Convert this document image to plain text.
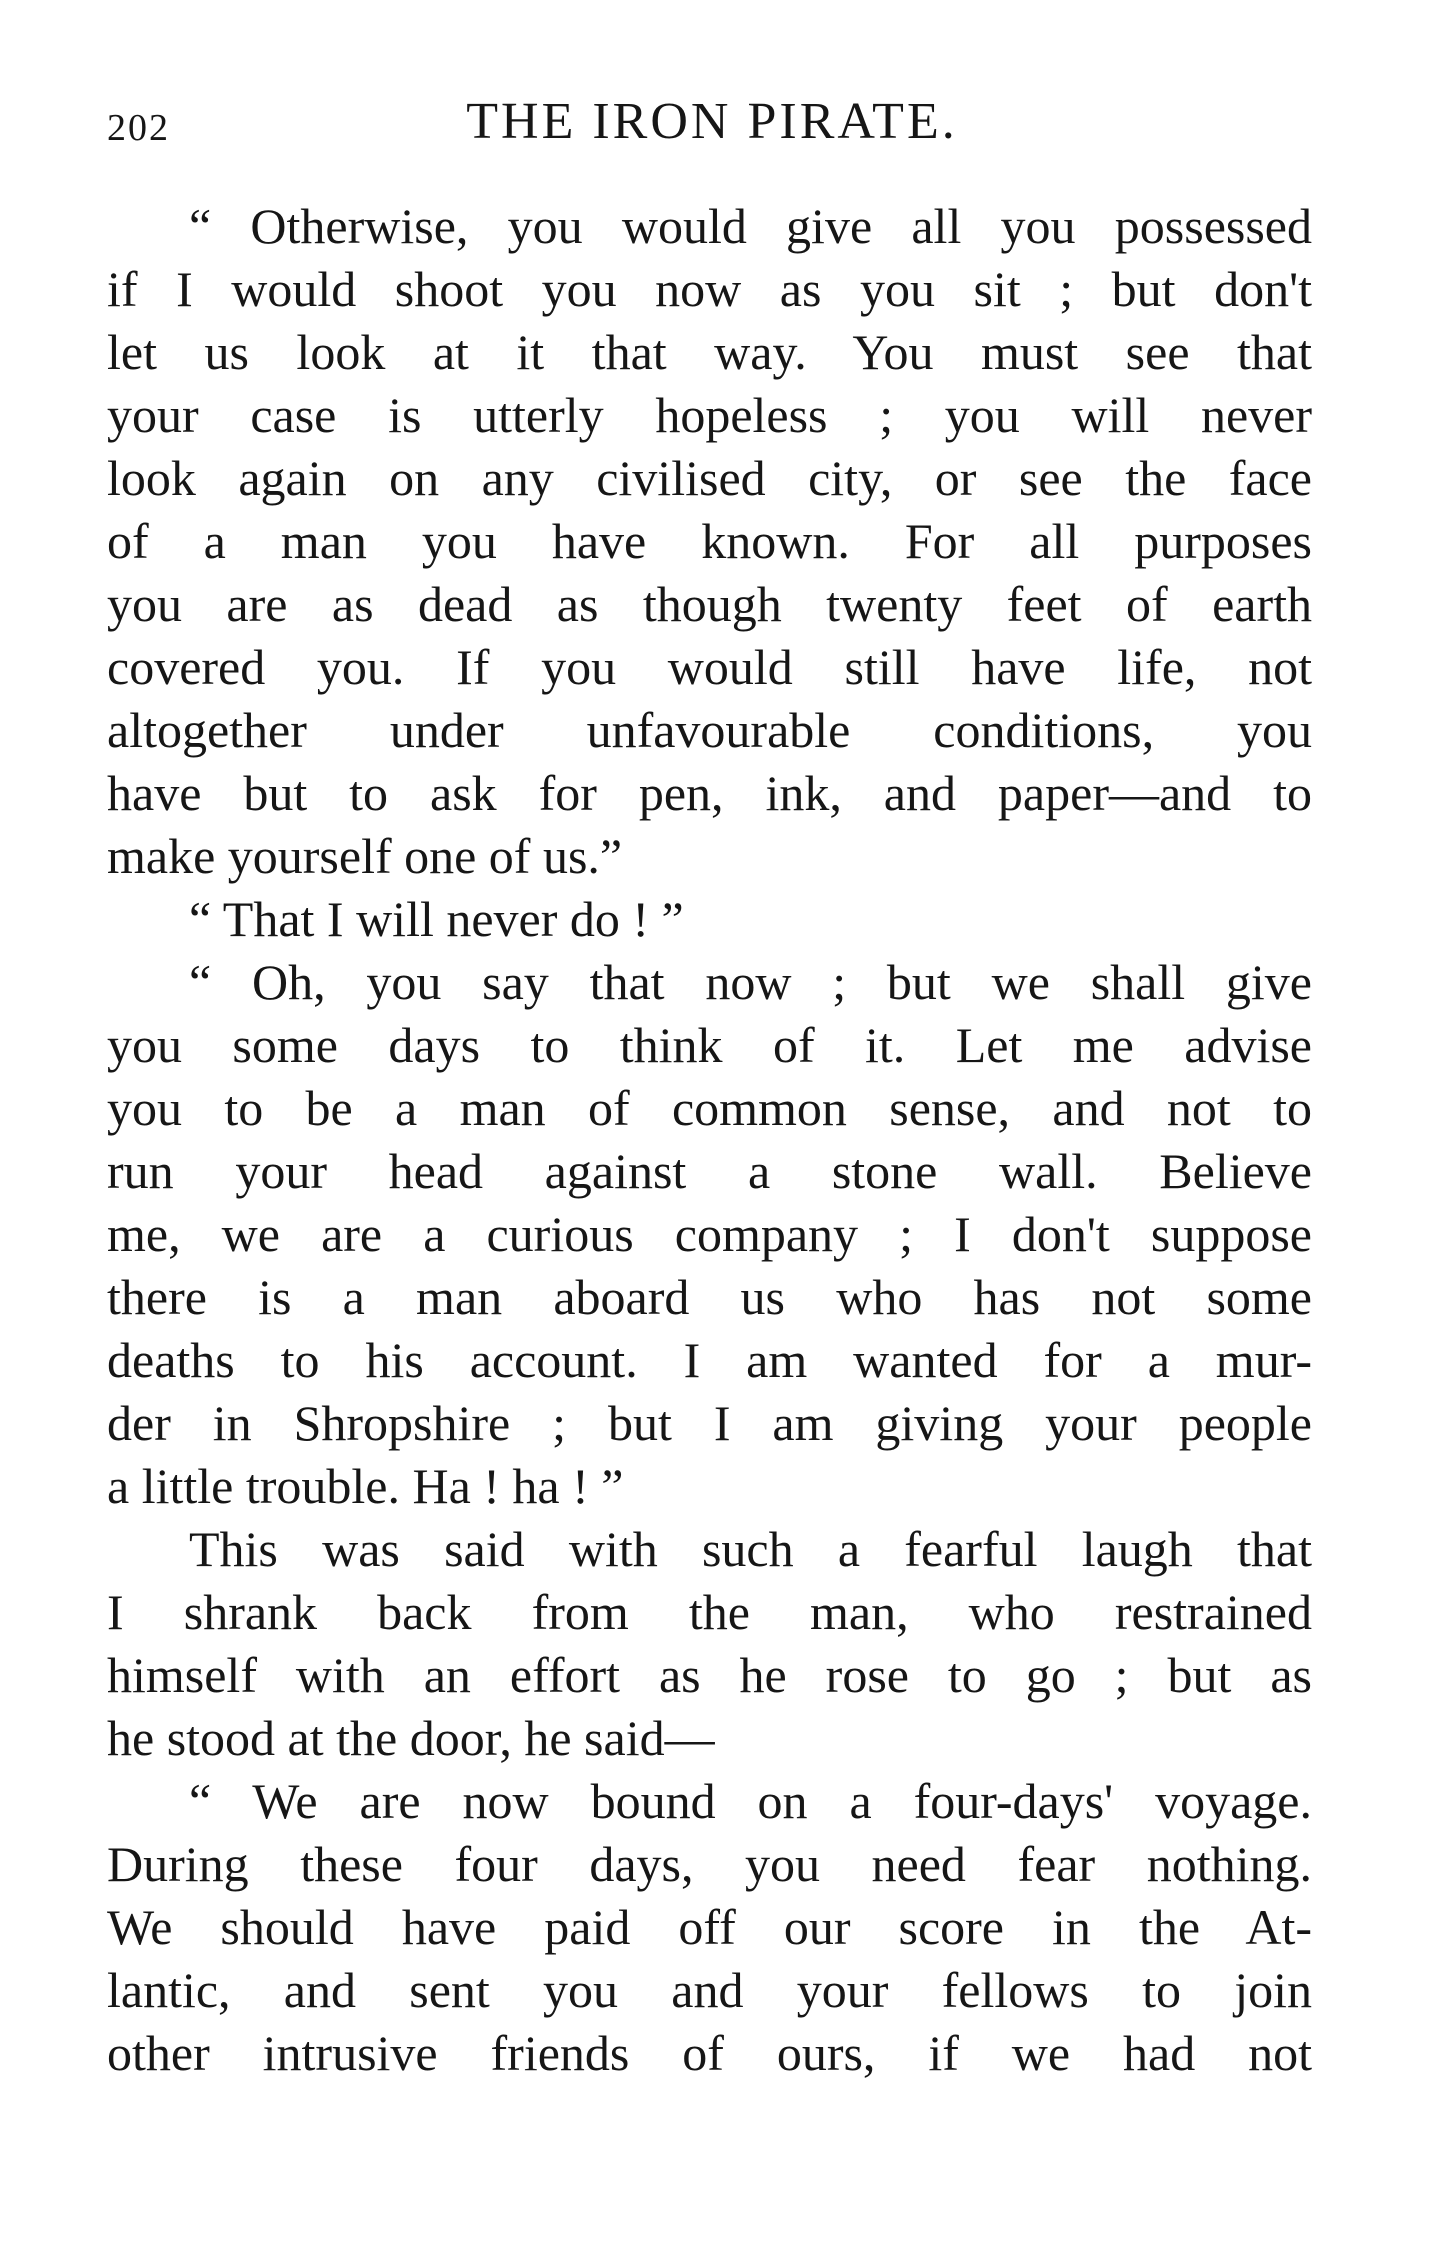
202	THE IRON PIRATE.
“ Otherwise, you would give all you possessed
if I would shoot you now as you sit ; but don't
let us look at it that way. You must see that
your case is utterly hopeless ; you will never
look again on any civilised city, or see the face
of a man you have known. For all purposes
you are as dead as though twenty feet of earth
covered you. If you would still have life, not
altogether under unfavourable conditions, you
have but to ask for pen, ink, and paper—and to
make yourself one of us.”
“ That I will never do ! ”
“ Oh, you say that now ; but we shall give
you some days to think of it. Let me advise
you to be a man of common sense, and not to
run your head against a stone wall. Believe
me, we are a curious company ; I don't suppose
there is a man aboard us who has not some
deaths to his account. I am wanted for a mur-
der in Shropshire ; but I am giving your people
a little trouble. Ha ! ha ! ”
This was said with such a fearful laugh that
I shrank back from the man, who restrained
himself with an effort as he rose to go ; but as
he stood at the door, he said—
“ We are now bound on a four-days' voyage.
During these four days, you need fear nothing.
We should have paid off our score in the At-
lantic, and sent you and your fellows to join
other intrusive friends of ours, if we had not
